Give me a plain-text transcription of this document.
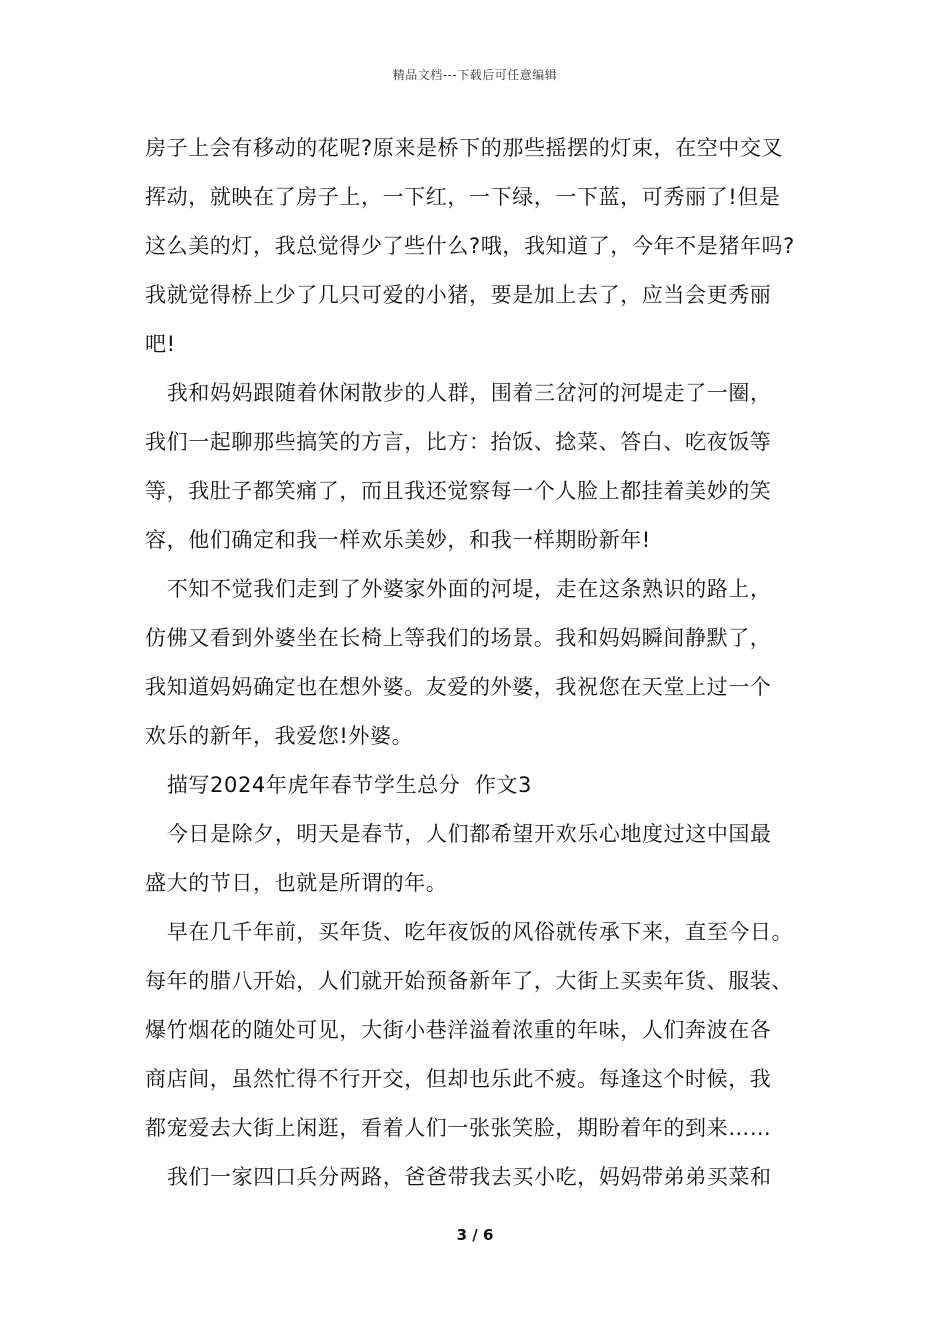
精品文档---下载后可任意编辑
房子上会有移动的花呢?原来是桥下的那些摇摆的灯束，在空中交叉
挥动，就映在了房子上，一下红，一下绿，一下蓝，可秀丽了!但是
这么美的灯，我总觉得少了些什么?哦，我知道了，今年不是猪年吗?
我就觉得桥上少了几只可爱的小猪，要是加上去了，应当会更秀丽
吧!
我和妈妈跟随着休闲散步的人群，围着三岔河的河堤走了一圈，
我们一起聊那些搞笑的方言，比方：抬饭、捻菜、答白、吃夜饭等
等，我肚子都笑痛了，而且我还觉察每一个人脸上都挂着美妙的笑
容，他们确定和我一样欢乐美妙，和我一样期盼新年!
不知不觉我们走到了外婆家外面的河堤，走在这条熟识的路上，
仿佛又看到外婆坐在长椅上等我们的场景。我和妈妈瞬间静默了，
我知道妈妈确定也在想外婆。友爱的外婆，我祝您在天堂上过一个
欢乐的新年，我爱您!外婆。
描写2024年虎年春节学生总分  作文3
今日是除夕，明天是春节，人们都希望开欢乐心地度过这中国最
盛大的节日，也就是所谓的年。
早在几千年前，买年货、吃年夜饭的风俗就传承下来，直至今日。
每年的腊八开始，人们就开始预备新年了，大街上买卖年货、服装、
爆竹烟花的随处可见，大街小巷洋溢着浓重的年味，人们奔波在各
商店间，虽然忙得不行开交，但却也乐此不疲。每逢这个时候，我
都宠爱去大街上闲逛，看着人们一张张笑脸，期盼着年的到来……
我们一家四口兵分两路，爸爸带我去买小吃，妈妈带弟弟买菜和
3 / 6
